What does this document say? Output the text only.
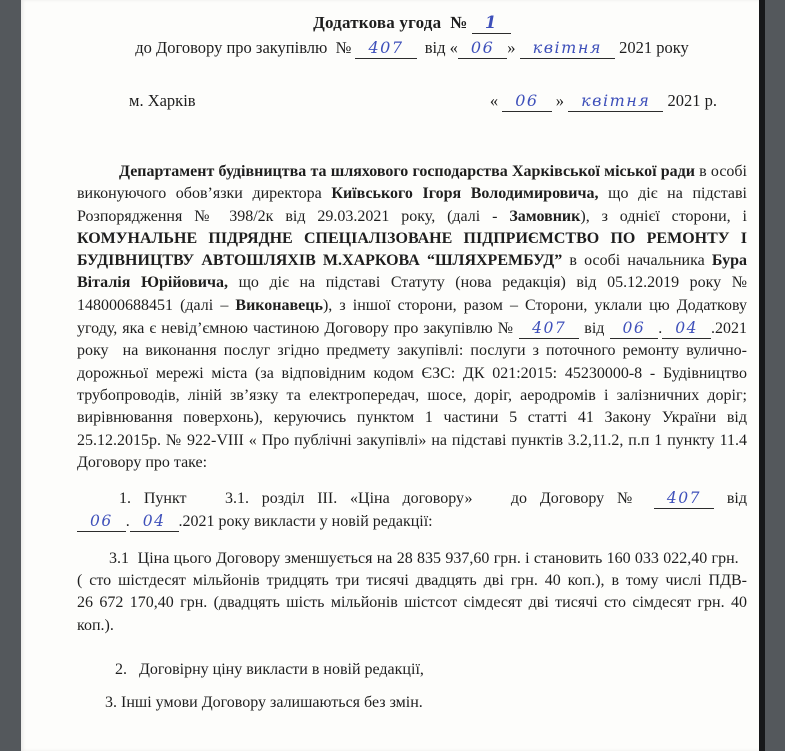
Додаткова угода  № 1
до Договору про закупівлю  № 407  від « 06 » квітня 2021 року
м. Харків	« 06 » квітня 2021 р.

Департамент будівництва та шляхового господарства Харківської міської ради в особі виконуючого обов’язки директора Київського Ігоря Володимировича, що діє на підставі Розпорядження № 398/2к від 29.03.2021 року, (далі - Замовник), з однієї сторони, і КОМУНАЛЬНЕ ПІДРЯДНЕ СПЕЦІАЛІЗОВАНЕ ПІДПРИЄМСТВО ПО РЕМОНТУ І БУДІВНИЦТВУ АВТОШЛЯХІВ М.ХАРКОВА “ШЛЯХРЕМБУД” в особі начальника Бура Віталія Юрійовича, що діє на підставі Статуту (нова редакція) від 05.12.2019 року № 148000688451 (далі – Виконавець), з іншої сторони, разом – Сторони, уклали цю Додаткову угоду, яка є невід’ємною частиною Договору про закупівлю № 407 від 06 . 04 .2021 року  на виконання послуг згідно предмету закупівлі: послуги з поточного ремонту вулично-дорожньої мережі міста (за відповідним кодом ЄЗС: ДК 021:2015: 45230000-8 - Будівництво трубопроводів, ліній зв’язку та електропередач, шосе, доріг, аеродромів і залізничних доріг; вирівнювання поверхонь), керуючись пунктом 1 частини 5 статті 41 Закону України від 25.12.2015р. № 922-VIII « Про публічні закупівлі» на підставі пунктів 3.2,11.2, п.п 1 пункту 11.4 Договору про таке:

1. Пункт   3.1. розділ III. «Ціна договору»   до Договору № 407 від 06 . 04 .2021 року викласти у новій редакції:

3.1  Ціна цього Договору зменшується на 28 835 937,60 грн. і становить 160 033 022,40 грн.   ( сто шістдесят мільйонів тридцять три тисячі двадцять дві грн. 40 коп.), в тому числі ПДВ- 26 672 170,40 грн. (двадцять шість мільйонів шістсот сімдесят дві тисячі сто сімдесят грн. 40 коп.).

2.   Договірну ціну викласти в новій редакції,

3. Інші умови Договору залишаються без змін.
